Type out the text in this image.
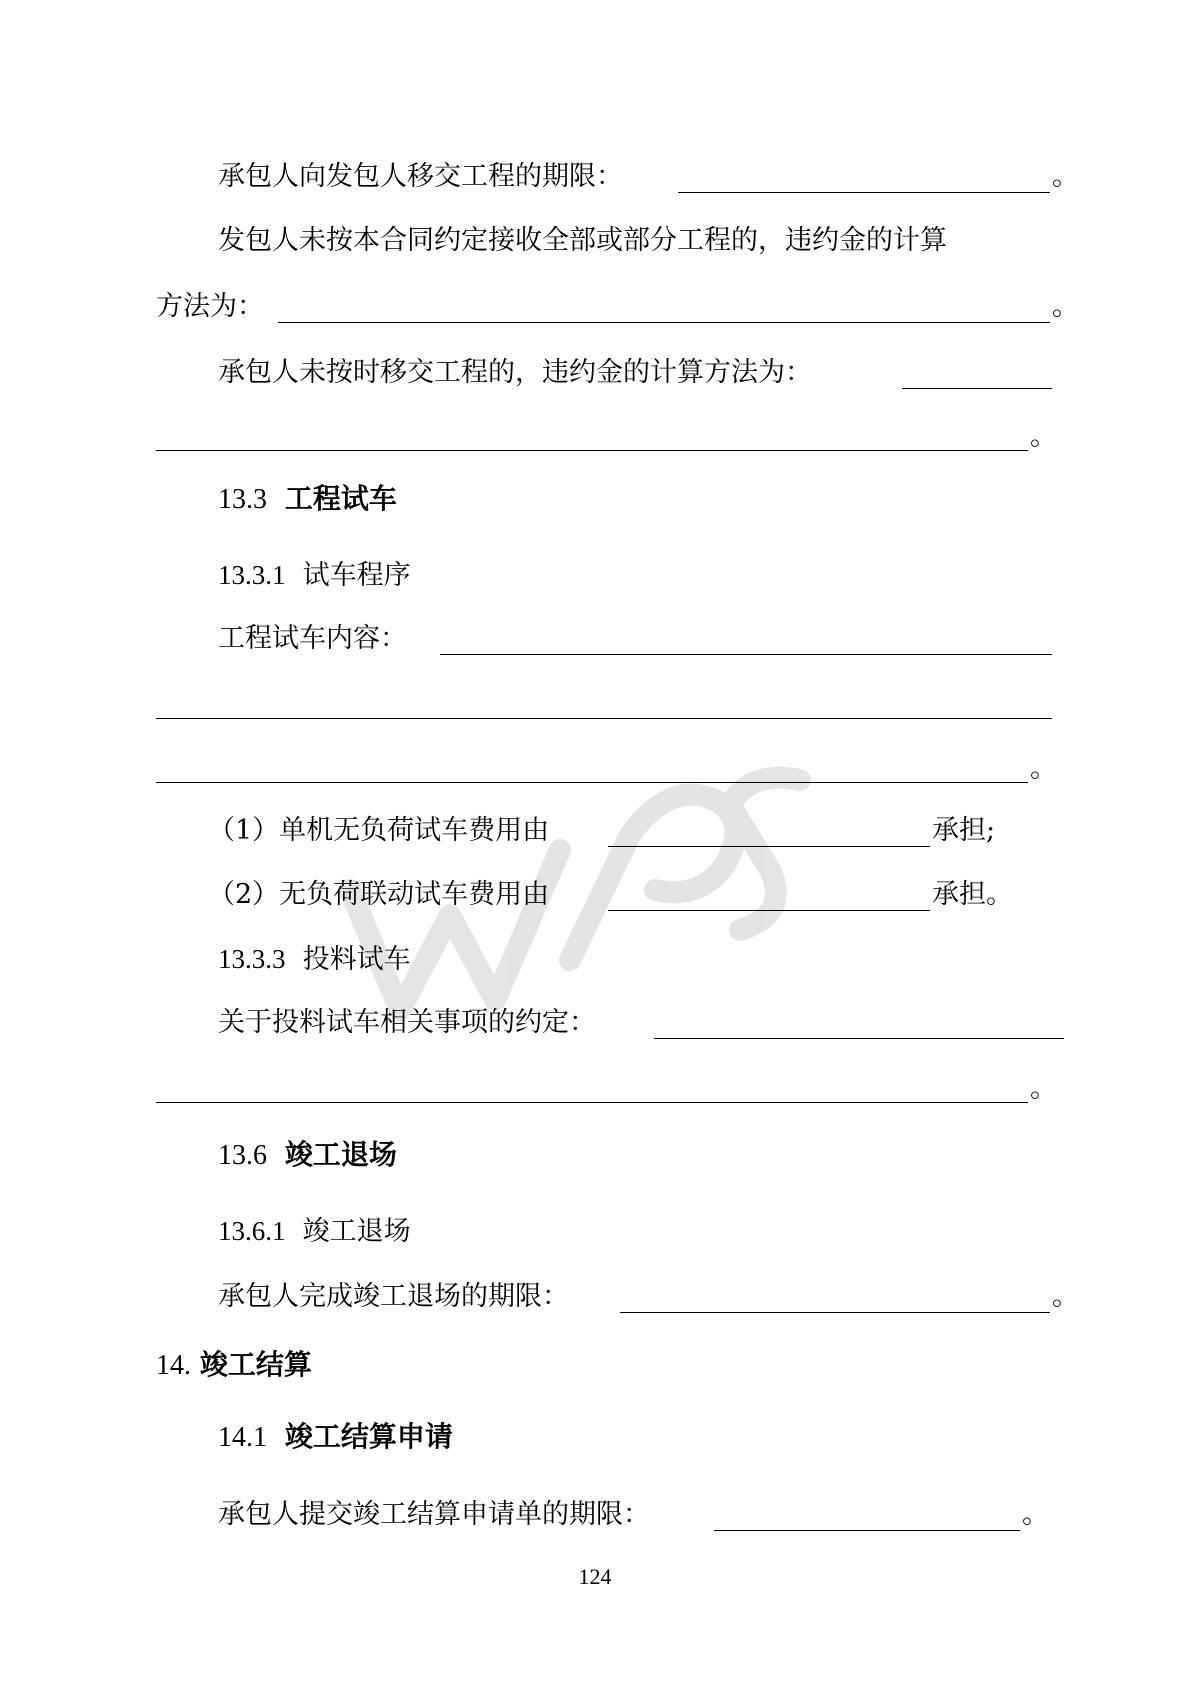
承包人向发包人移交工程的期限：	。
发包人未按本合同约定接收全部或部分工程的，违约金的计算
方法为：	。
承包人未按时移交工程的，违约金的计算方法为：
。
13.3 工程试车
13.3.1 试车程序
工程试车内容：
。
（1）单机无负荷试车费用由	承担;
（2）无负荷联动试车费用由	承担。
13.3.3 投料试车
关于投料试车相关事项的约定：
。
13.6 竣工退场
13.6.1 竣工退场
承包人完成竣工退场的期限：	。
14. 竣工结算
14.1 竣工结算申请
承包人提交竣工结算申请单的期限：	。
124
